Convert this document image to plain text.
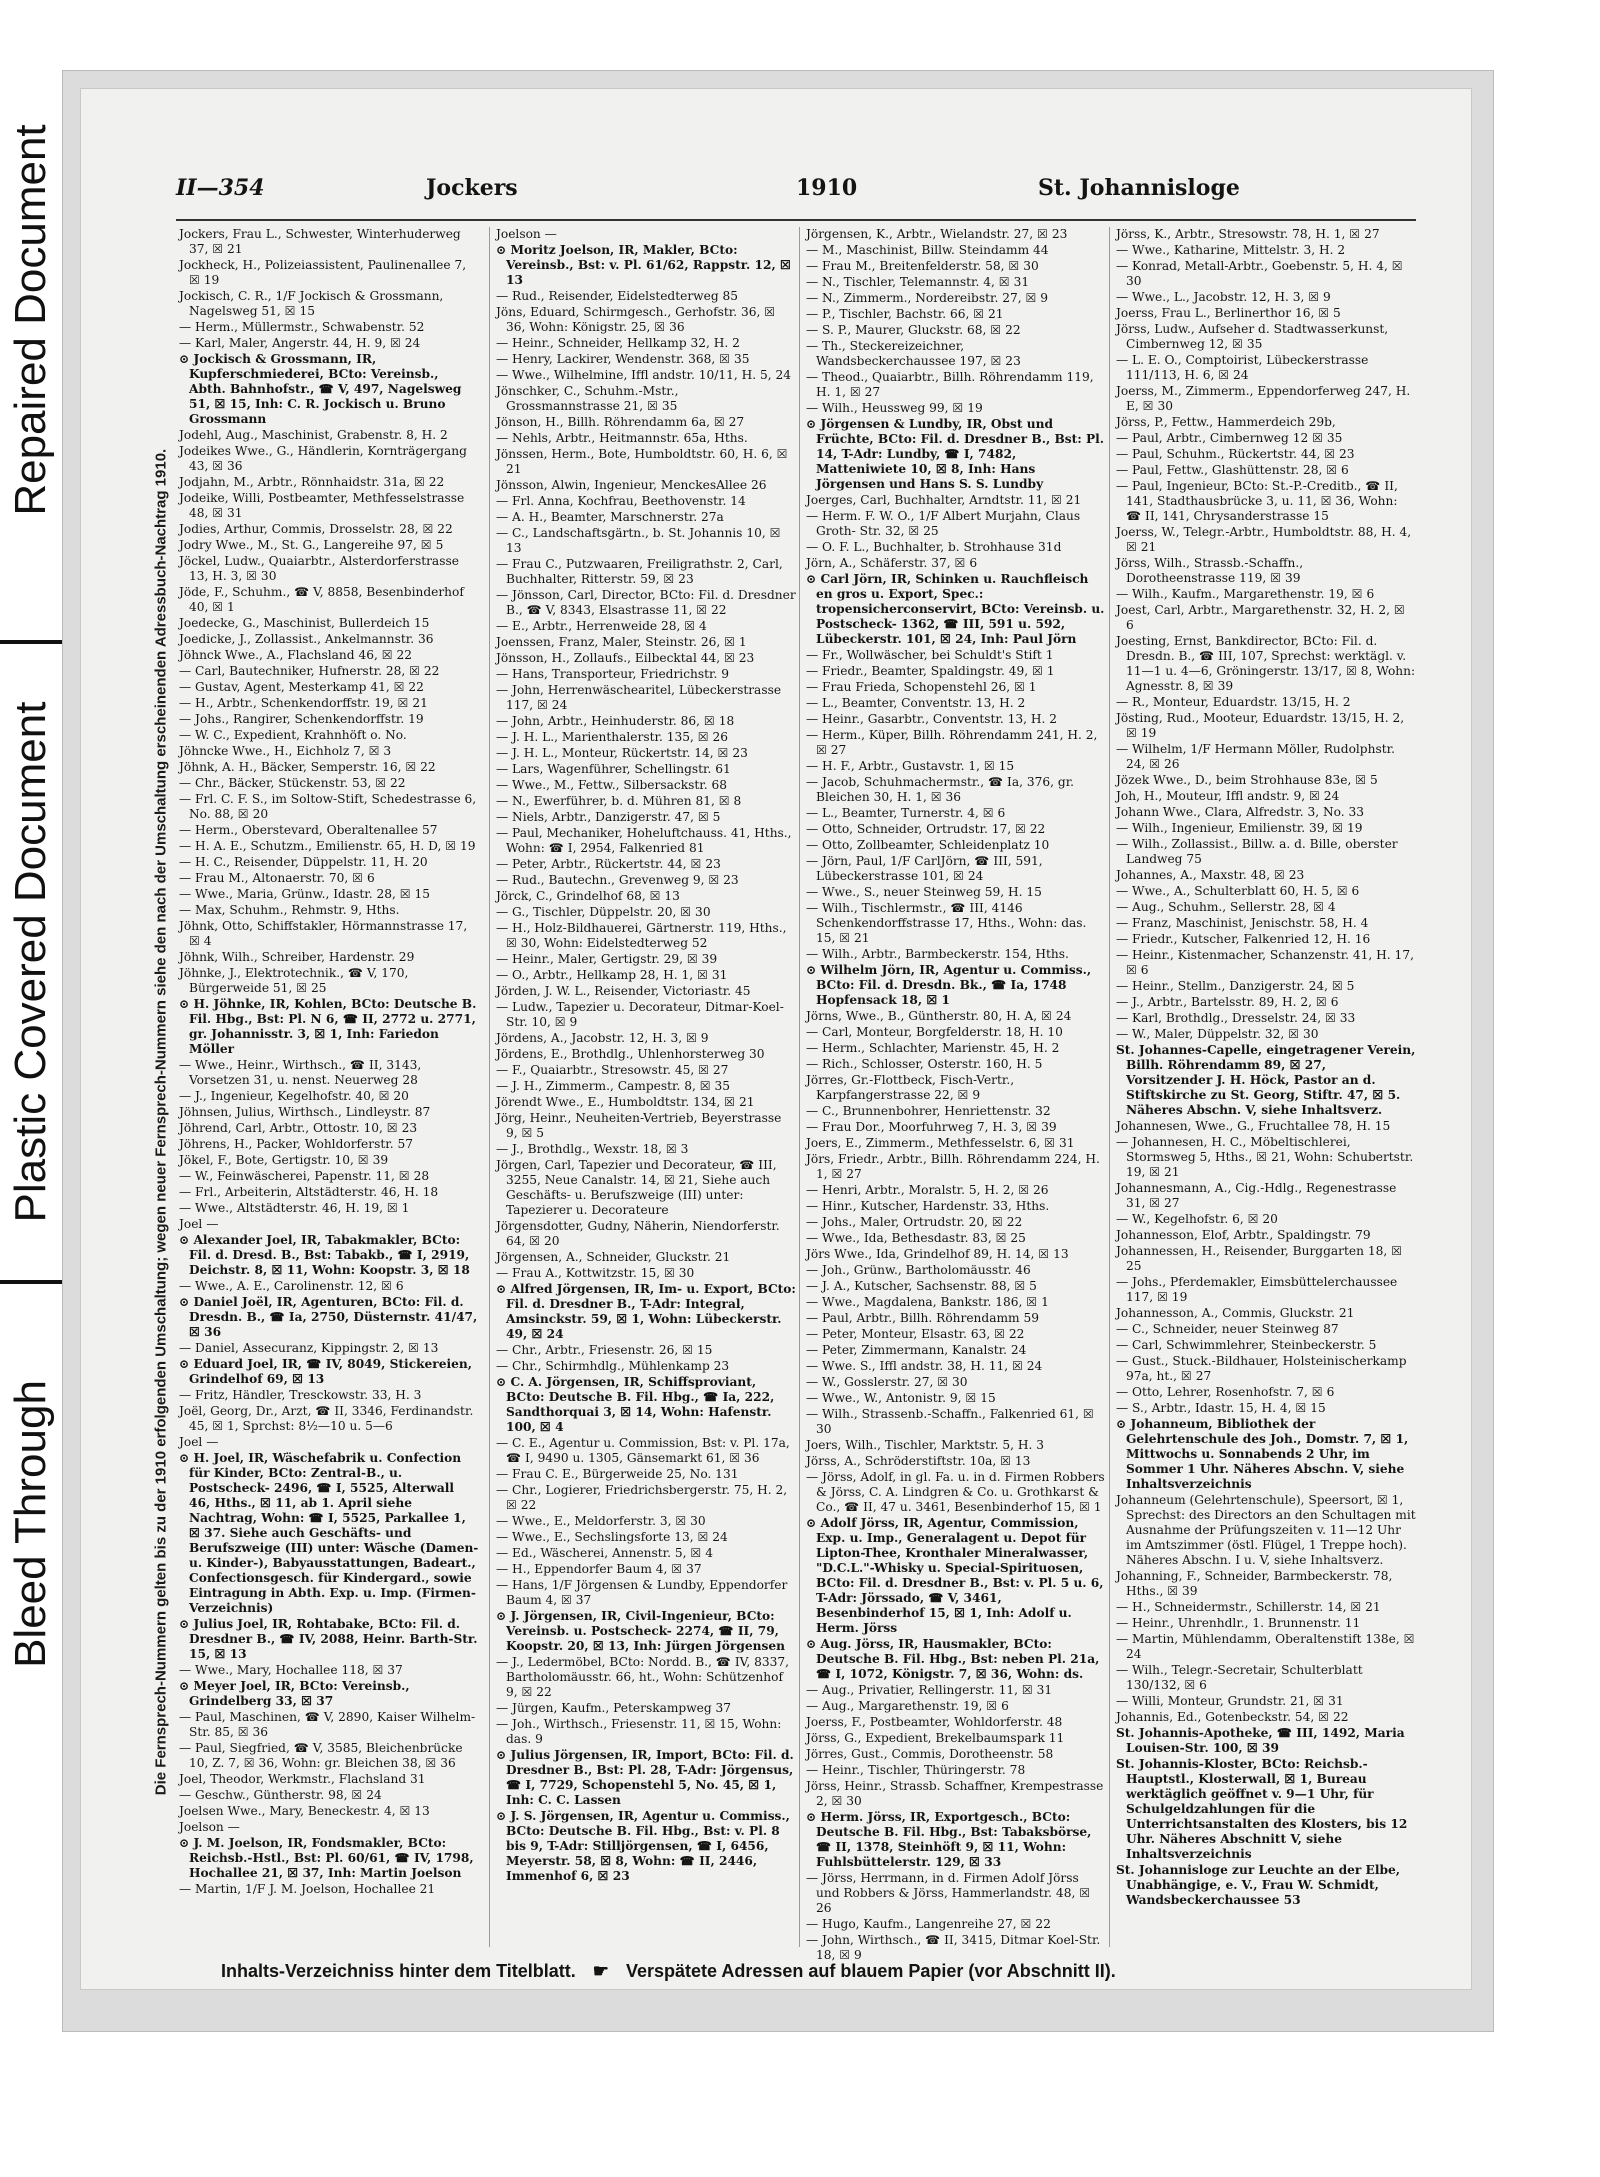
Repaired Document
Plastic Covered Document
Bleed Through
II—354	Jockers	1910	St. Johannisloge
Die Fernsprech-Nummern gelten bis zu der 1910 erfolgenden Umschaltung; wegen neuer Fernsprech-Nummern siehe den nach der Umschaltung erscheinenden Adressbuch-Nachtrag 1910.
Jockers, Frau L., Schwester, Winterhuderweg 37, ☒ 21
Jockheck, H., Polizeiassistent, Paulinenallee 7, ☒ 19
Jockisch, C. R., 1/F Jockisch & Grossmann, Nagelsweg 51, ☒ 15
— Herm., Müllermstr., Schwabenstr. 52
— Karl, Maler, Angerstr. 44, H. 9, ☒ 24
⊙ Jockisch & Grossmann, IR, Kupferschmiederei, BCto: Vereinsb., Abth. Bahnhofstr., ☎ V, 497, Nagelsweg 51, ☒ 15, Inh: C. R. Jockisch u. Bruno Grossmann
Jodehl, Aug., Maschinist, Grabenstr. 8, H. 2
Jodeikes Wwe., G., Händlerin, Kornträgergang 43, ☒ 36
Jodjahn, M., Arbtr., Rönnhaidstr. 31a, ☒ 22
Jodeike, Willi, Postbeamter, Methfesselstrasse 48, ☒ 31
Jodies, Arthur, Commis, Drosselstr. 28, ☒ 22
Jodry Wwe., M., St. G., Langereihe 97, ☒ 5
Jöckel, Ludw., Quaiarbtr., Alsterdorferstrasse 13, H. 3, ☒ 30
Jöde, F., Schuhm., ☎ V, 8858, Besenbinderhof 40, ☒ 1
Joedecke, G., Maschinist, Bullerdeich 15
Joedicke, J., Zollassist., Ankelmannstr. 36
Jöhnck Wwe., A., Flachsland 46, ☒ 22
— Carl, Bautechniker, Hufnerstr. 28, ☒ 22
— Gustav, Agent, Mesterkamp 41, ☒ 22
— H., Arbtr., Schenkendorffstr. 19, ☒ 21
— Johs., Rangirer, Schenkendorffstr. 19
— W. C., Expedient, Krahnhöft o. No.
Jöhncke Wwe., H., Eichholz 7, ☒ 3
Jöhnk, A. H., Bäcker, Semperstr. 16, ☒ 22
— Chr., Bäcker, Stückenstr. 53, ☒ 22
— Frl. C. F. S., im Soltow-Stift, Schedestrasse 6, No. 88, ☒ 20
— Herm., Oberstevard, Oberaltenallee 57
— H. A. E., Schutzm., Emilienstr. 65, H. D, ☒ 19
— H. C., Reisender, Düppelstr. 11, H. 20
— Frau M., Altonaerstr. 70, ☒ 6
— Wwe., Maria, Grünw., Idastr. 28, ☒ 15
— Max, Schuhm., Rehmstr. 9, Hths.
Jöhnk, Otto, Schiffstakler, Hörmannstrasse 17, ☒ 4
Jöhnk, Wilh., Schreiber, Hardenstr. 29
Jöhnke, J., Elektrotechnik., ☎ V, 170, Bürgerweide 51, ☒ 25
⊙ H. Jöhnke, IR, Kohlen, BCto: Deutsche B. Fil. Hbg., Bst: Pl. N 6, ☎ II, 2772 u. 2771, gr. Johannisstr. 3, ☒ 1, Inh: Fariedon Möller
— Wwe., Heinr., Wirthsch., ☎ II, 3143, Vorsetzen 31, u. nenst. Neuerweg 28
— J., Ingenieur, Kegelhofstr. 40, ☒ 20
Jöhnsen, Julius, Wirthsch., Lindleystr. 87
Jöhrend, Carl, Arbtr., Ottostr. 10, ☒ 23
Jöhrens, H., Packer, Wohldorferstr. 57
Jökel, F., Bote, Gertigstr. 10, ☒ 39
— W., Feinwäscherei, Papenstr. 11, ☒ 28
— Frl., Arbeiterin, Altstädterstr. 46, H. 18
— Wwe., Altstädterstr. 46, H. 19, ☒ 1
Joel —
⊙ Alexander Joel, IR, Tabakmakler, BCto: Fil. d. Dresd. B., Bst: Tabakb., ☎ I, 2919, Deichstr. 8, ☒ 11, Wohn: Koopstr. 3, ☒ 18
— Wwe., A. E., Carolinenstr. 12, ☒ 6
⊙ Daniel Joël, IR, Agenturen, BCto: Fil. d. Dresdn. B., ☎ Ia, 2750, Düsternstr. 41/47, ☒ 36
— Daniel, Assecuranz, Kippingstr. 2, ☒ 13
⊙ Eduard Joel, IR, ☎ IV, 8049, Stickereien, Grindelhof 69, ☒ 13
— Fritz, Händler, Tresckowstr. 33, H. 3
Joël, Georg, Dr., Arzt, ☎ II, 3346, Ferdinandstr. 45, ☒ 1, Sprchst: 8½—10 u. 5—6
Joel —
⊙ H. Joel, IR, Wäschefabrik u. Confection für Kinder, BCto: Zentral-B., u. Postscheck- 2496, ☎ I, 5525, Alterwall 46, Hths., ☒ 11, ab 1. April siehe Nachtrag, Wohn: ☎ I, 5525, Parkallee 1, ☒ 37. Siehe auch Geschäfts- und Berufszweige (III) unter: Wäsche (Damen- u. Kinder-), Babyausstattungen, Badeart., Confectionsgesch. für Kindergard., sowie Eintragung in Abth. Exp. u. Imp. (Firmen-Verzeichnis)
⊙ Julius Joel, IR, Rohtabake, BCto: Fil. d. Dresdner B., ☎ IV, 2088, Heinr. Barth-Str. 15, ☒ 13
— Wwe., Mary, Hochallee 118, ☒ 37
⊙ Meyer Joel, IR, BCto: Vereinsb., Grindelberg 33, ☒ 37
— Paul, Maschinen, ☎ V, 2890, Kaiser Wilhelm-Str. 85, ☒ 36
— Paul, Siegfried, ☎ V, 3585, Bleichenbrücke 10, Z. 7, ☒ 36, Wohn: gr. Bleichen 38, ☒ 36
Joel, Theodor, Werkmstr., Flachsland 31
— Geschw., Güntherstr. 98, ☒ 24
Joelsen Wwe., Mary, Beneckestr. 4, ☒ 13
Joelson —
⊙ J. M. Joelson, IR, Fondsmakler, BCto: Reichsb.-Hstl., Bst: Pl. 60/61, ☎ IV, 1798, Hochallee 21, ☒ 37, Inh: Martin Joelson
— Martin, 1/F J. M. Joelson, Hochallee 21
Joelson —
⊙ Moritz Joelson, IR, Makler, BCto: Vereinsb., Bst: v. Pl. 61/62, Rappstr. 12, ☒ 13
— Rud., Reisender, Eidelstedterweg 85
Jöns, Eduard, Schirmgesch., Gerhofstr. 36, ☒ 36, Wohn: Königstr. 25, ☒ 36
— Heinr., Schneider, Hellkamp 32, H. 2
— Henry, Lackirer, Wendenstr. 368, ☒ 35
— Wwe., Wilhelmine, Iffl andstr. 10/11, H. 5, 24
Jönschker, C., Schuhm.-Mstr., Grossmannstrasse 21, ☒ 35
Jönson, H., Billh. Röhrendamm 6a, ☒ 27
— Nehls, Arbtr., Heitmannstr. 65a, Hths.
Jönssen, Herm., Bote, Humboldtstr. 60, H. 6, ☒ 21
Jönsson, Alwin, Ingenieur, MenckesAllee 26
— Frl. Anna, Kochfrau, Beethovenstr. 14
— A. H., Beamter, Marschnerstr. 27a
— C., Landschaftsgärtn., b. St. Johannis 10, ☒ 13
— Frau C., Putzwaaren, Freiligrathstr. 2, Carl, Buchhalter, Ritterstr. 59, ☒ 23
— Jönsson, Carl, Director, BCto: Fil. d. Dresdner B., ☎ V, 8343, Elsastrasse 11, ☒ 22
— E., Arbtr., Herrenweide 28, ☒ 4
Joenssen, Franz, Maler, Steinstr. 26, ☒ 1
Jönsson, H., Zollaufs., Eilbecktal 44, ☒ 23
— Hans, Transporteur, Friedrichstr. 9
— John, Herrenwäschearitel, Lübeckerstrasse 117, ☒ 24
— John, Arbtr., Heinhuderstr. 86, ☒ 18
— J. H. L., Marienthalerstr. 135, ☒ 26
— J. H. L., Monteur, Rückertstr. 14, ☒ 23
— Lars, Wagenführer, Schellingstr. 61
— Wwe., M., Fettw., Silbersackstr. 68
— N., Ewerführer, b. d. Mühren 81, ☒ 8
— Niels, Arbtr., Danzigerstr. 47, ☒ 5
— Paul, Mechaniker, Hoheluftchauss. 41, Hths., Wohn: ☎ I, 2954, Falkenried 81
— Peter, Arbtr., Rückertstr. 44, ☒ 23
— Rud., Bautechn., Grevenweg 9, ☒ 23
Jörck, C., Grindelhof 68, ☒ 13
— G., Tischler, Düppelstr. 20, ☒ 30
— H., Holz-Bildhauerei, Gärtnerstr. 119, Hths., ☒ 30, Wohn: Eidelstedterweg 52
— Heinr., Maler, Gertigstr. 29, ☒ 39
— O., Arbtr., Hellkamp 28, H. 1, ☒ 31
Jörden, J. W. L., Reisender, Victoriastr. 45
— Ludw., Tapezier u. Decorateur, Ditmar-Koel-Str. 10, ☒ 9
Jördens, A., Jacobstr. 12, H. 3, ☒ 9
Jördens, E., Brothdlg., Uhlenhorsterweg 30
— F., Quaiarbtr., Stresowstr. 45, ☒ 27
— J. H., Zimmerm., Campestr. 8, ☒ 35
Jörendt Wwe., E., Humboldtstr. 134, ☒ 21
Jörg, Heinr., Neuheiten-Vertrieb, Beyerstrasse 9, ☒ 5
— J., Brothdlg., Wexstr. 18, ☒ 3
Jörgen, Carl, Tapezier und Decorateur, ☎ III, 3255, Neue Canalstr. 14, ☒ 21, Siehe auch Geschäfts- u. Berufszweige (III) unter: Tapezierer u. Decorateure
Jörgensdotter, Gudny, Näherin, Niendorferstr. 64, ☒ 20
Jörgensen, A., Schneider, Gluckstr. 21
— Frau A., Kottwitzstr. 15, ☒ 30
⊙ Alfred Jörgensen, IR, Im- u. Export, BCto: Fil. d. Dresdner B., T-Adr: Integral, Amsinckstr. 59, ☒ 1, Wohn: Lübeckerstr. 49, ☒ 24
— Chr., Arbtr., Friesenstr. 26, ☒ 15
— Chr., Schirmhdlg., Mühlenkamp 23
⊙ C. A. Jörgensen, IR, Schiffsproviant, BCto: Deutsche B. Fil. Hbg., ☎ Ia, 222, Sandthorquai 3, ☒ 14, Wohn: Hafenstr. 100, ☒ 4
— C. E., Agentur u. Commission, Bst: v. Pl. 17a, ☎ I, 9490 u. 1305, Gänsemarkt 61, ☒ 36
— Frau C. E., Bürgerweide 25, No. 131
— Chr., Logierer, Friedrichsbergerstr. 75, H. 2, ☒ 22
— Wwe., E., Meldorferstr. 3, ☒ 30
— Wwe., E., Sechslingsforte 13, ☒ 24
— Ed., Wäscherei, Annenstr. 5, ☒ 4
— H., Eppendorfer Baum 4, ☒ 37
— Hans, 1/F Jörgensen & Lundby, Eppendorfer Baum 4, ☒ 37
⊙ J. Jörgensen, IR, Civil-Ingenieur, BCto: Vereinsb. u. Postscheck- 2274, ☎ II, 79, Koopstr. 20, ☒ 13, Inh: Jürgen Jörgensen
— J., Ledermöbel, BCto: Nordd. B., ☎ IV, 8337, Bartholomäusstr. 66, ht., Wohn: Schützenhof 9, ☒ 22
— Jürgen, Kaufm., Peterskampweg 37
— Joh., Wirthsch., Friesenstr. 11, ☒ 15, Wohn: das. 9
⊙ Julius Jörgensen, IR, Import, BCto: Fil. d. Dresdner B., Bst: Pl. 28, T-Adr: Jörgensus, ☎ I, 7729, Schopenstehl 5, No. 45, ☒ 1, Inh: C. C. Lassen
⊙ J. S. Jörgensen, IR, Agentur u. Commiss., BCto: Deutsche B. Fil. Hbg., Bst: v. Pl. 8 bis 9, T-Adr: Stilljörgensen, ☎ I, 6456, Meyerstr. 58, ☒ 8, Wohn: ☎ II, 2446, Immenhof 6, ☒ 23
Jörgensen, K., Arbtr., Wielandstr. 27, ☒ 23
— M., Maschinist, Billw. Steindamm 44
— Frau M., Breitenfelderstr. 58, ☒ 30
— N., Tischler, Telemannstr. 4, ☒ 31
— N., Zimmerm., Nordereibstr. 27, ☒ 9
— P., Tischler, Bachstr. 66, ☒ 21
— S. P., Maurer, Gluckstr. 68, ☒ 22
— Th., Steckereizeichner, Wandsbeckerchaussee 197, ☒ 23
— Theod., Quaiarbtr., Billh. Röhrendamm 119, H. 1, ☒ 27
— Wilh., Heussweg 99, ☒ 19
⊙ Jörgensen & Lundby, IR, Obst und Früchte, BCto: Fil. d. Dresdner B., Bst: Pl. 14, T-Adr: Lundby, ☎ I, 7482, Matteniwiete 10, ☒ 8, Inh: Hans Jörgensen und Hans S. S. Lundby
Joerges, Carl, Buchhalter, Arndtstr. 11, ☒ 21
— Herm. F. W. O., 1/F Albert Murjahn, Claus Groth- Str. 32, ☒ 25
— O. F. L., Buchhalter, b. Strohhause 31d
Jörn, A., Schäferstr. 37, ☒ 6
⊙ Carl Jörn, IR, Schinken u. Rauchfleisch en gros u. Export, Spec.: tropensicherconservirt, BCto: Vereinsb. u. Postscheck- 1362, ☎ III, 591 u. 592, Lübeckerstr. 101, ☒ 24, Inh: Paul Jörn
— Fr., Wollwäscher, bei Schuldt's Stift 1
— Friedr., Beamter, Spaldingstr. 49, ☒ 1
— Frau Frieda, Schopenstehl 26, ☒ 1
— L., Beamter, Conventstr. 13, H. 2
— Heinr., Gasarbtr., Conventstr. 13, H. 2
— Herm., Küper, Billh. Röhrendamm 241, H. 2, ☒ 27
— H. F., Arbtr., Gustavstr. 1, ☒ 15
— Jacob, Schuhmachermstr., ☎ Ia, 376, gr. Bleichen 30, H. 1, ☒ 36
— L., Beamter, Turnerstr. 4, ☒ 6
— Otto, Schneider, Ortrudstr. 17, ☒ 22
— Otto, Zollbeamter, Schleidenplatz 10
— Jörn, Paul, 1/F CarlJörn, ☎ III, 591, Lübeckerstrasse 101, ☒ 24
— Wwe., S., neuer Steinweg 59, H. 15
— Wilh., Tischlermstr., ☎ III, 4146 Schenkendorffstrasse 17, Hths., Wohn: das. 15, ☒ 21
— Wilh., Arbtr., Barmbeckerstr. 154, Hths.
⊙ Wilhelm Jörn, IR, Agentur u. Commiss., BCto: Fil. d. Dresdn. Bk., ☎ Ia, 1748 Hopfensack 18, ☒ 1
Jörns, Wwe., B., Güntherstr. 80, H. A, ☒ 24
— Carl, Monteur, Borgfelderstr. 18, H. 10
— Herm., Schlachter, Marienstr. 45, H. 2
— Rich., Schlosser, Osterstr. 160, H. 5
Jörres, Gr.-Flottbeck, Fisch-Vertr., Karpfangerstrasse 22, ☒ 9
— C., Brunnenbohrer, Henriettenstr. 32
— Frau Dor., Moorfuhrweg 7, H. 3, ☒ 39
Joers, E., Zimmerm., Methfesselstr. 6, ☒ 31
Jörs, Friedr., Arbtr., Billh. Röhrendamm 224, H. 1, ☒ 27
— Henri, Arbtr., Moralstr. 5, H. 2, ☒ 26
— Hinr., Kutscher, Hardenstr. 33, Hths.
— Johs., Maler, Ortrudstr. 20, ☒ 22
— Wwe., Ida, Bethesdastr. 83, ☒ 25
Jörs Wwe., Ida, Grindelhof 89, H. 14, ☒ 13
— Joh., Grünw., Bartholomäusstr. 46
— J. A., Kutscher, Sachsenstr. 88, ☒ 5
— Wwe., Magdalena, Bankstr. 186, ☒ 1
— Paul, Arbtr., Billh. Röhrendamm 59
— Peter, Monteur, Elsastr. 63, ☒ 22
— Peter, Zimmermann, Kanalstr. 24
— Wwe. S., Iffl andstr. 38, H. 11, ☒ 24
— W., Gosslerstr. 27, ☒ 30
— Wwe., W., Antonistr. 9, ☒ 15
— Wilh., Strassenb.-Schaffn., Falkenried 61, ☒ 30
Joers, Wilh., Tischler, Marktstr. 5, H. 3
Jörss, A., Schröderstiftstr. 10a, ☒ 13
— Jörss, Adolf, in gl. Fa. u. in d. Firmen Robbers & Jörss, C. A. Lindgren & Co. u. Grothkarst & Co., ☎ II, 47 u. 3461, Besenbinderhof 15, ☒ 1
⊙ Adolf Jörss, IR, Agentur, Commission, Exp. u. Imp., Generalagent u. Depot für Lipton-Thee, Kronthaler Mineralwasser, "D.C.L."-Whisky u. Special-Spirituosen, BCto: Fil. d. Dresdner B., Bst: v. Pl. 5 u. 6, T-Adr: Jörssado, ☎ V, 3461, Besenbinderhof 15, ☒ 1, Inh: Adolf u. Herm. Jörss
⊙ Aug. Jörss, IR, Hausmakler, BCto: Deutsche B. Fil. Hbg., Bst: neben Pl. 21a, ☎ I, 1072, Königstr. 7, ☒ 36, Wohn: ds.
— Aug., Privatier, Rellingerstr. 11, ☒ 31
— Aug., Margarethenstr. 19, ☒ 6
Joerss, F., Postbeamter, Wohldorferstr. 48
Jörss, G., Expedient, Brekelbaumspark 11
Jörres, Gust., Commis, Dorotheenstr. 58
— Heinr., Tischler, Thüringerstr. 78
Jörss, Heinr., Strassb. Schaffner, Krempestrasse 2, ☒ 30
⊙ Herm. Jörss, IR, Exportgesch., BCto: Deutsche B. Fil. Hbg., Bst: Tabaksbörse, ☎ II, 1378, Steinhöft 9, ☒ 11, Wohn: Fuhlsbüttelerstr. 129, ☒ 33
— Jörss, Herrmann, in d. Firmen Adolf Jörss und Robbers & Jörss, Hammerlandstr. 48, ☒ 26
— Hugo, Kaufm., Langenreihe 27, ☒ 22
— John, Wirthsch., ☎ II, 3415, Ditmar Koel-Str. 18, ☒ 9
Jörss, K., Arbtr., Stresowstr. 78, H. 1, ☒ 27
— Wwe., Katharine, Mittelstr. 3, H. 2
— Konrad, Metall-Arbtr., Goebenstr. 5, H. 4, ☒ 30
— Wwe., L., Jacobstr. 12, H. 3, ☒ 9
Joerss, Frau L., Berlinerthor 16, ☒ 5
Jörss, Ludw., Aufseher d. Stadtwasserkunst, Cimbernweg 12, ☒ 35
— L. E. O., Comptoirist, Lübeckerstrasse 111/113, H. 6, ☒ 24
Joerss, M., Zimmerm., Eppendorferweg 247, H. E, ☒ 30
Jörss, P., Fettw., Hammerdeich 29b,
— Paul, Arbtr., Cimbernweg 12 ☒ 35
— Paul, Schuhm., Rückertstr. 44, ☒ 23
— Paul, Fettw., Glashüttenstr. 28, ☒ 6
— Paul, Ingenieur, BCto: St.-P.-Creditb., ☎ II, 141, Stadthausbrücke 3, u. 11, ☒ 36, Wohn: ☎ II, 141, Chrysanderstrasse 15
Joerss, W., Telegr.-Arbtr., Humboldtstr. 88, H. 4, ☒ 21
Jörss, Wilh., Strassb.-Schaffn., Dorotheenstrasse 119, ☒ 39
— Wilh., Kaufm., Margarethenstr. 19, ☒ 6
Joest, Carl, Arbtr., Margarethenstr. 32, H. 2, ☒ 6
Joesting, Ernst, Bankdirector, BCto: Fil. d. Dresdn. B., ☎ III, 107, Sprechst: werktägl. v. 11—1 u. 4—6, Gröningerstr. 13/17, ☒ 8, Wohn: Agnesstr. 8, ☒ 39
— R., Monteur, Eduardstr. 13/15, H. 2
Jösting, Rud., Mooteur, Eduardstr. 13/15, H. 2, ☒ 19
— Wilhelm, 1/F Hermann Möller, Rudolphstr. 24, ☒ 26
Jözek Wwe., D., beim Strohhause 83e, ☒ 5
Joh, H., Mouteur, Iffl andstr. 9, ☒ 24
Johann Wwe., Clara, Alfredstr. 3, No. 33
— Wilh., Ingenieur, Emilienstr. 39, ☒ 19
— Wilh., Zollassist., Billw. a. d. Bille, oberster Landweg 75
Johannes, A., Maxstr. 48, ☒ 23
— Wwe., A., Schulterblatt 60, H. 5, ☒ 6
— Aug., Schuhm., Sellerstr. 28, ☒ 4
— Franz, Maschinist, Jenischstr. 58, H. 4
— Friedr., Kutscher, Falkenried 12, H. 16
— Heinr., Kistenmacher, Schanzenstr. 41, H. 17, ☒ 6
— Heinr., Stellm., Danzigerstr. 24, ☒ 5
— J., Arbtr., Bartelsstr. 89, H. 2, ☒ 6
— Karl, Brothdlg., Dresselstr. 24, ☒ 33
— W., Maler, Düppelstr. 32, ☒ 30
St. Johannes-Capelle, eingetragener Verein, Billh. Röhrendamm 89, ☒ 27, Vorsitzender J. H. Höck, Pastor an d. Stiftskirche zu St. Georg, Stiftr. 47, ☒ 5. Näheres Abschn. V, siehe Inhaltsverz.
Johannesen, Wwe., G., Fruchtallee 78, H. 15
— Johannesen, H. C., Möbeltischlerei, Stormsweg 5, Hths., ☒ 21, Wohn: Schubertstr. 19, ☒ 21
Johannesmann, A., Cig.-Hdlg., Regenestrasse 31, ☒ 27
— W., Kegelhofstr. 6, ☒ 20
Johannesson, Elof, Arbtr., Spaldingstr. 79
Johannessen, H., Reisender, Burggarten 18, ☒ 25
— Johs., Pferdemakler, Eimsbüttelerchaussee 117, ☒ 19
Johannesson, A., Commis, Gluckstr. 21
— C., Schneider, neuer Steinweg 87
— Carl, Schwimmlehrer, Steinbeckerstr. 5
— Gust., Stuck.-Bildhauer, Holsteinischerkamp 97a, ht., ☒ 27
— Otto, Lehrer, Rosenhofstr. 7, ☒ 6
— S., Arbtr., Idastr. 15, H. 4, ☒ 15
⊙ Johanneum, Bibliothek der Gelehrtenschule des Joh., Domstr. 7, ☒ 1, Mittwochs u. Sonnabends 2 Uhr, im Sommer 1 Uhr. Näheres Abschn. V, siehe Inhaltsverzeichnis
Johanneum (Gelehrtenschule), Speersort, ☒ 1, Sprechst: des Directors an den Schultagen mit Ausnahme der Prüfungszeiten v. 11—12 Uhr im Amtszimmer (östl. Flügel, 1 Treppe hoch). Näheres Abschn. I u. V, siehe Inhaltsverz.
Johanning, F., Schneider, Barmbeckerstr. 78, Hths., ☒ 39
— H., Schneidermstr., Schillerstr. 14, ☒ 21
— Heinr., Uhrenhdlr., 1. Brunnenstr. 11
— Martin, Mühlendamm, Oberaltenstift 138e, ☒ 24
— Wilh., Telegr.-Secretair, Schulterblatt 130/132, ☒ 6
— Willi, Monteur, Grundstr. 21, ☒ 31
Johannis, Ed., Gotenbeckstr. 54, ☒ 22
St. Johannis-Apotheke, ☎ III, 1492, Maria Louisen-Str. 100, ☒ 39
St. Johannis-Kloster, BCto: Reichsb.-Hauptstl., Klosterwall, ☒ 1, Bureau werktäglich geöffnet v. 9—1 Uhr, für Schulgeldzahlungen für die Unterrichtsanstalten des Klosters, bis 12 Uhr. Näheres Abschnitt V, siehe Inhaltsverzeichnis
St. Johannisloge zur Leuchte an der Elbe, Unabhängige, e. V., Frau W. Schmidt, Wandsbeckerchaussee 53
Inhalts-Verzeichniss hinter dem Titelblatt. ☛ Verspätete Adressen auf blauem Papier (vor Abschnitt II).
